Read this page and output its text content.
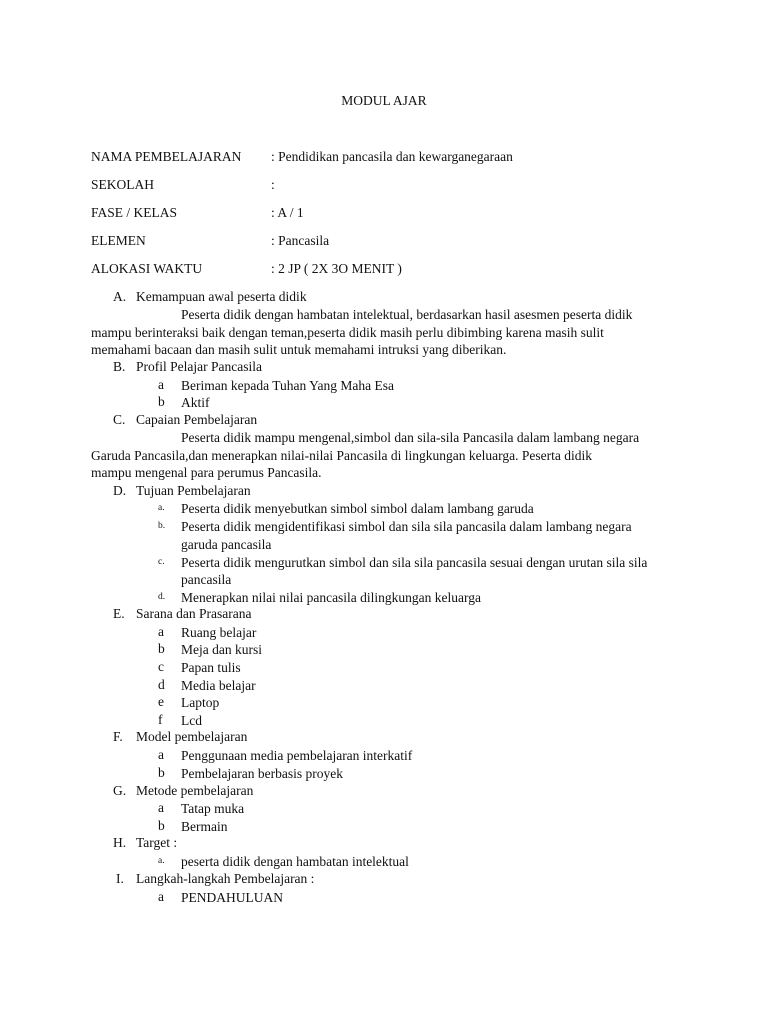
MODUL AJAR
NAMA PEMBELAJARAN : Pendidikan pancasila dan kewarganegaraan
SEKOLAH	:
FASE / KELAS	: A / 1
ELEMEN	: Pancasila
ALOKASI WAKTU	: 2 JP ( 2X 3O MENIT )
A. Kemampuan awal peserta didik
Peserta didik dengan hambatan intelektual, berdasarkan hasil asesmen peserta didik
mampu berinteraksi baik dengan teman,peserta didik masih perlu dibimbing karena masih sulit
memahami bacaan dan masih sulit untuk memahami intruksi yang diberikan.
B. Profil Pelajar Pancasila
a Beriman kepada Tuhan Yang Maha Esa
b Aktif
C. Capaian Pembelajaran
Peserta didik mampu mengenal,simbol dan sila-sila Pancasila dalam lambang negara
Garuda Pancasila,dan menerapkan nilai-nilai Pancasila di lingkungan keluarga. Peserta didik
mampu mengenal para perumus Pancasila.
D. Tujuan Pembelajaran
a. Peserta didik menyebutkan simbol simbol dalam lambang garuda
b. Peserta didik mengidentifikasi simbol dan sila sila pancasila dalam lambang negara
garuda pancasila
c. Peserta didik mengurutkan simbol dan sila sila pancasila sesuai dengan urutan sila sila
pancasila
d. Menerapkan nilai nilai pancasila dilingkungan keluarga
E. Sarana dan Prasarana
a Ruang belajar
b Meja dan kursi
c Papan tulis
d Media belajar
e Laptop
f Lcd
F. Model pembelajaran
a Penggunaan media pembelajaran interkatif
b Pembelajaran berbasis proyek
G. Metode pembelajaran
a Tatap muka
b Bermain
H. Target :
a. peserta didik dengan hambatan intelektual
I. Langkah-langkah Pembelajaran :
a PENDAHULUAN
